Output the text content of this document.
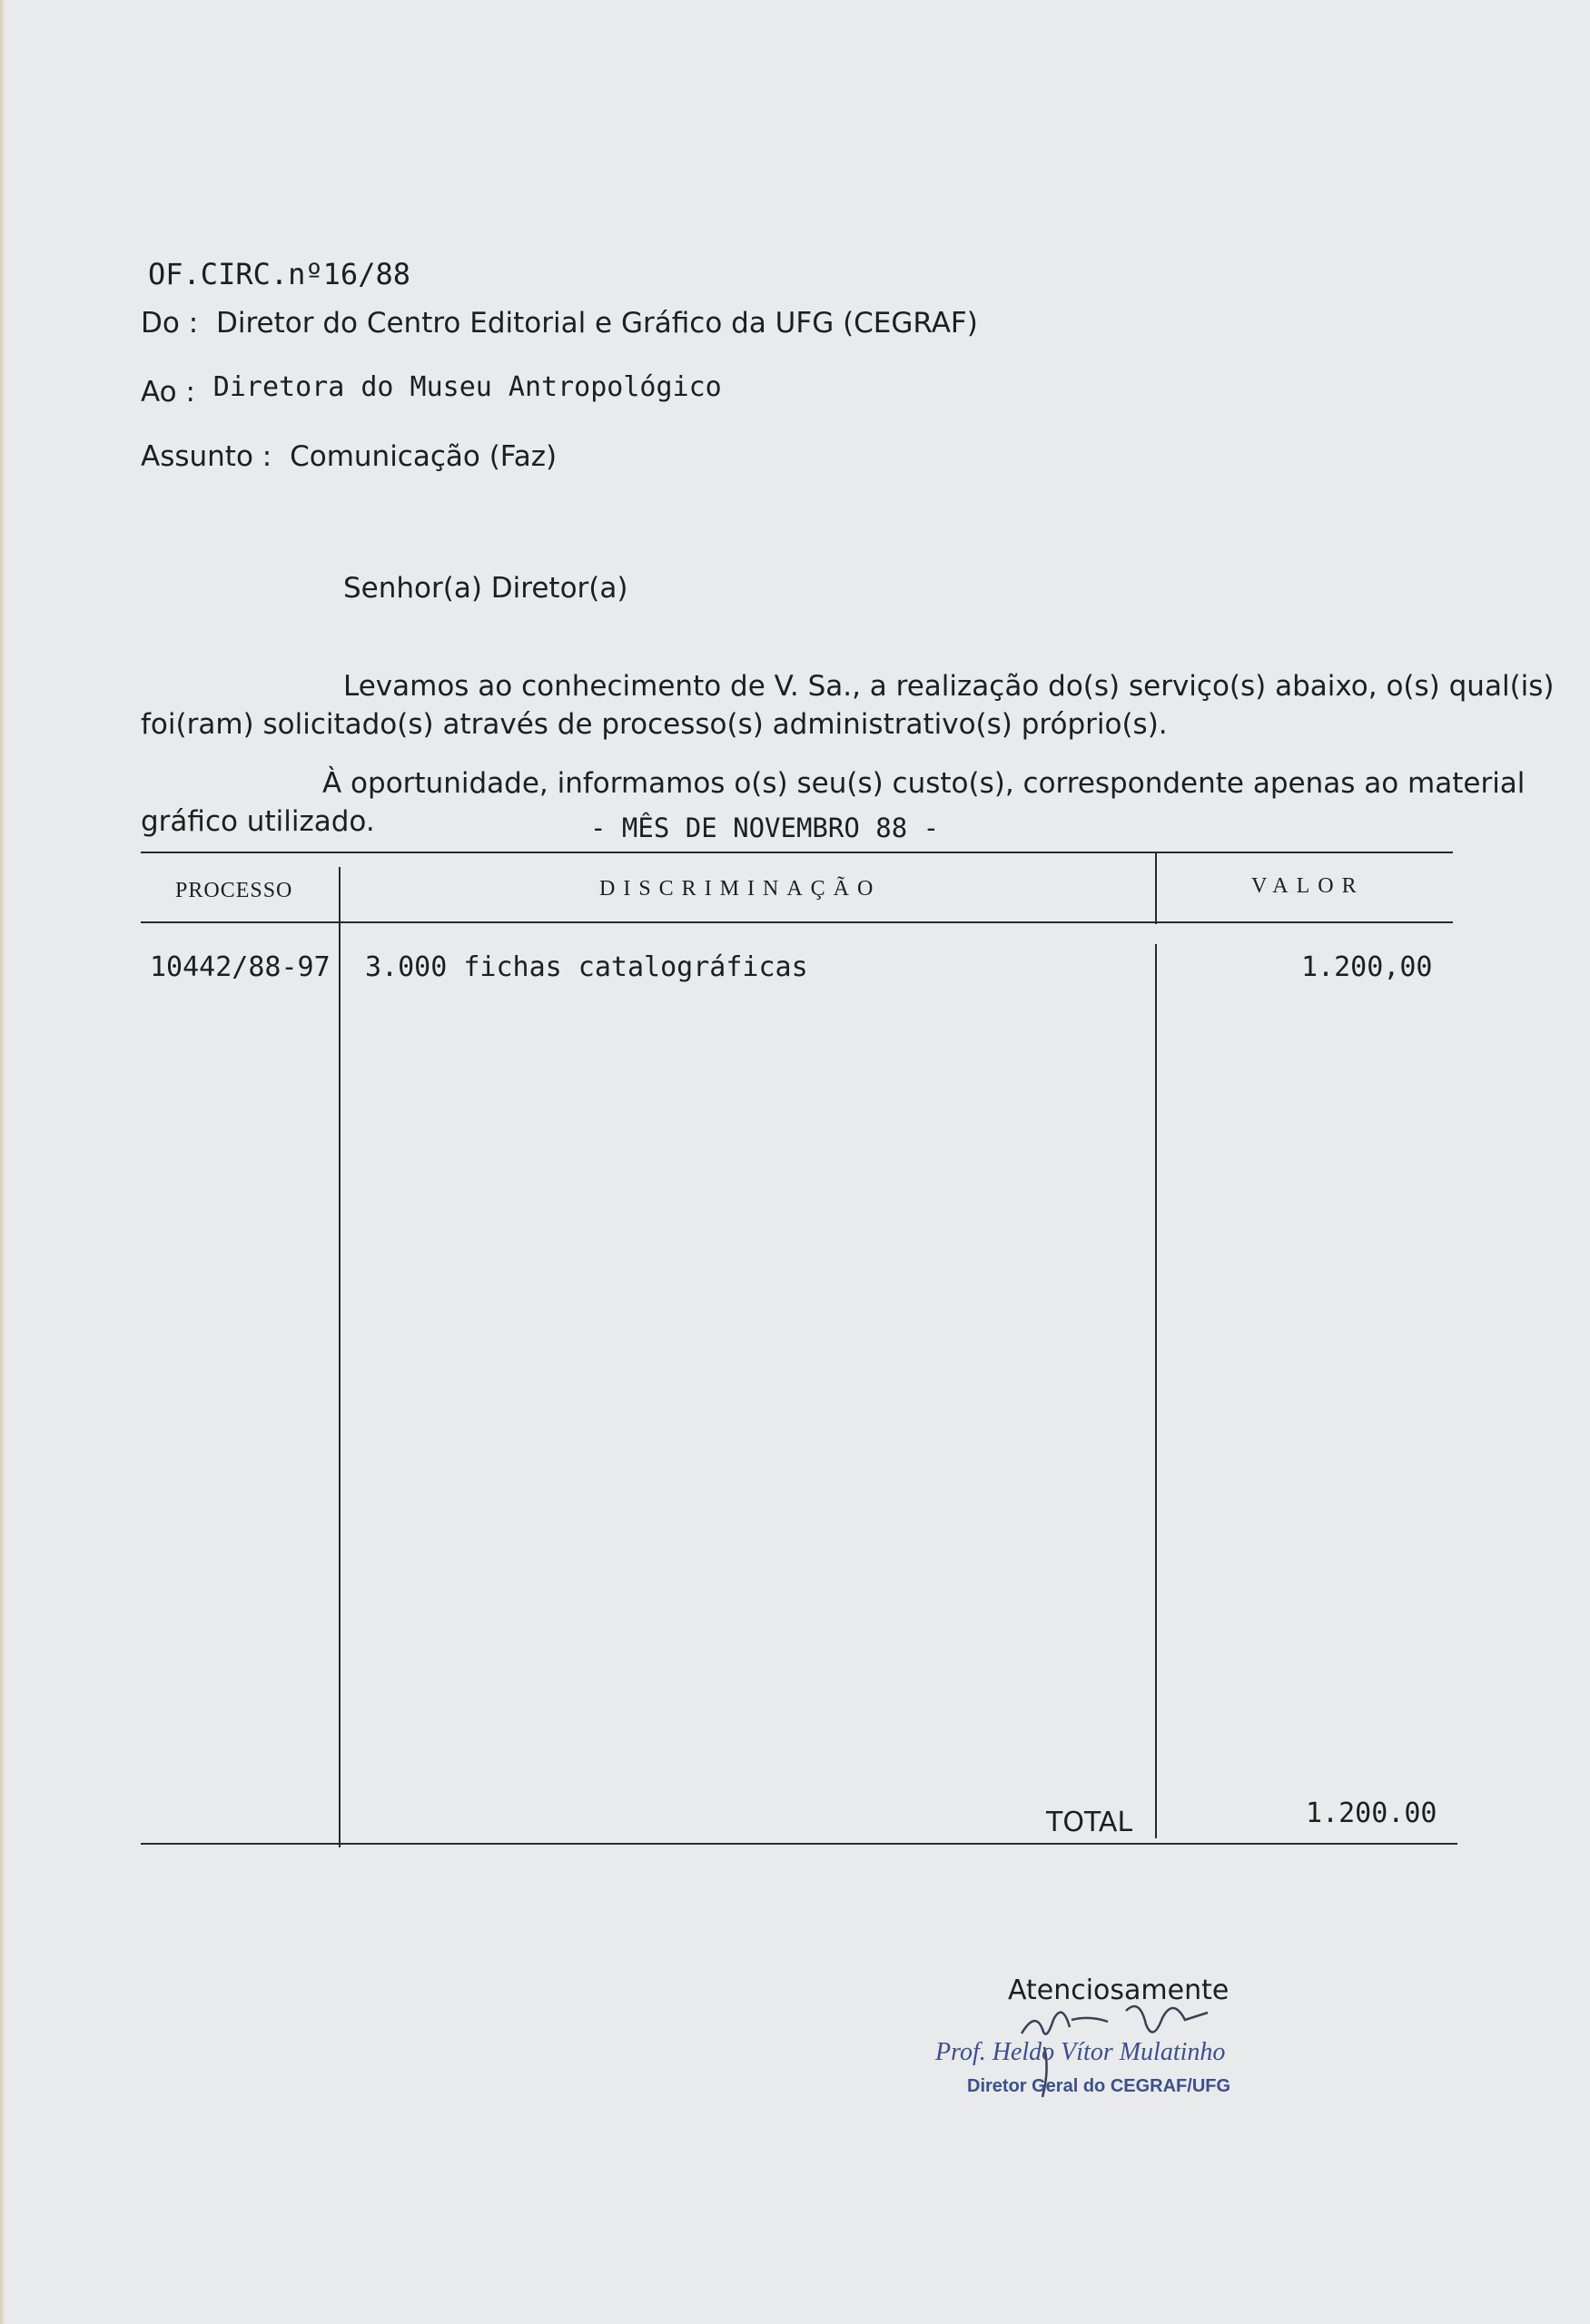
OF.CIRC.nº16/88
Do : Diretor do Centro Editorial e Gráfico da UFG (CEGRAF)
Ao : Diretora do Museu Antropológico
Assunto : Comunicação (Faz)
Senhor(a) Diretor(a)
Levamos ao conhecimento de V. Sa., a realização do(s) serviço(s) abaixo, o(s) qual(is)
foi(ram) solicitado(s) através de processo(s) administrativo(s) próprio(s).
À oportunidade, informamos o(s) seu(s) custo(s), correspondente apenas ao material
gráfico utilizado.	- MÊS DE NOVEMBRO 88 -
PROCESSO	DISCRIMINAÇÃO	VALOR
10442/88-97 3.000 fichas catalográficas	1.200,00
TOTAL	1.200.00
Atenciosamente
Prof. Heldo Vítor Mulatinho
Diretor Geral do CEGRAF/UFG
